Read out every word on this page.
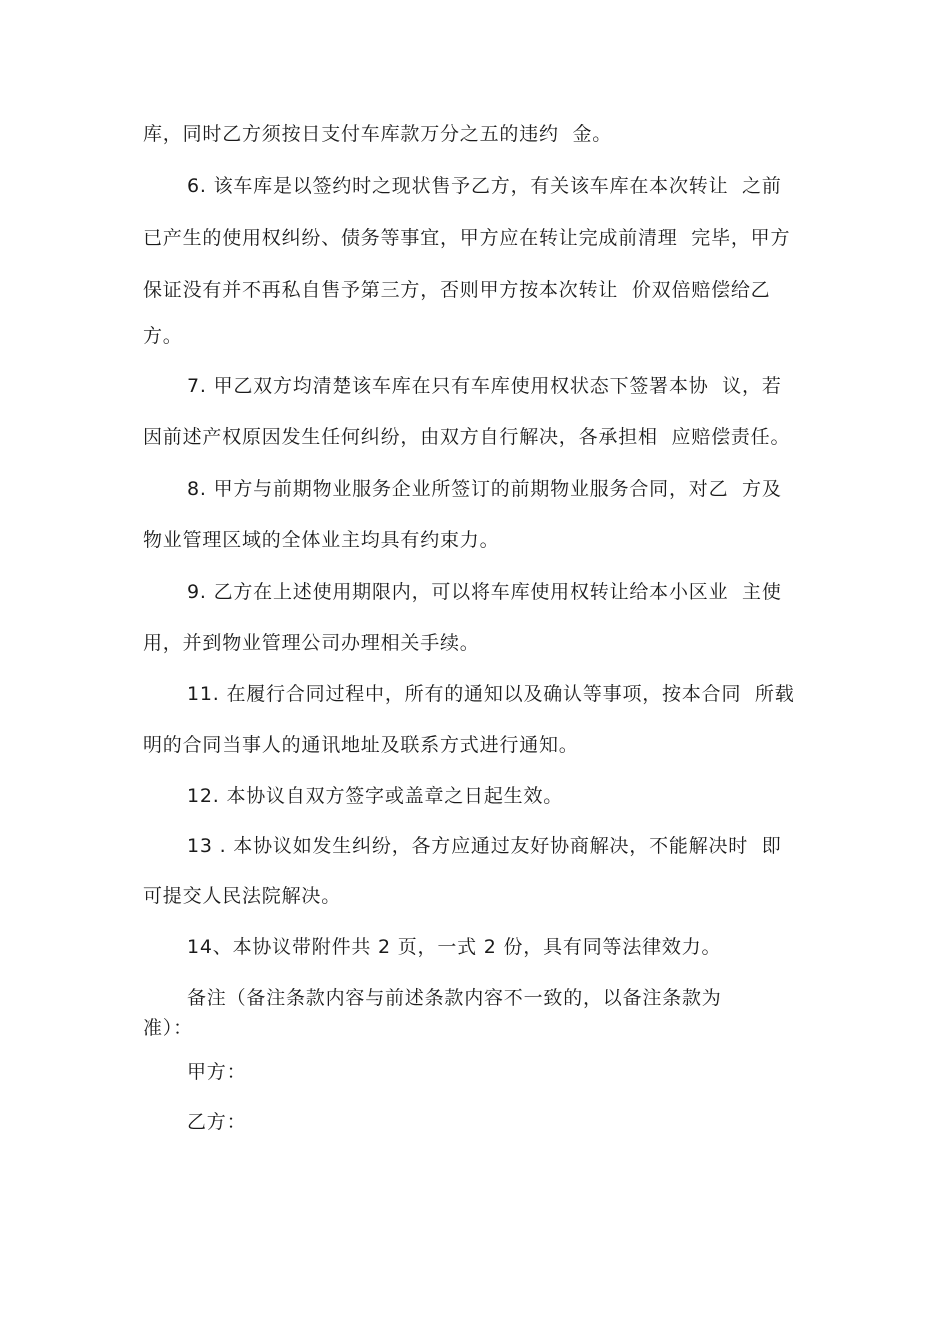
库，同时乙方须按日支付车库款万分之五的违约  金。
6. 该车库是以签约时之现状售予乙方，有关该车库在本次转让  之前
已产生的使用权纠纷、债务等事宜，甲方应在转让完成前清理  完毕，甲方
保证没有并不再私自售予第三方，否则甲方按本次转让  价双倍赔偿给乙
方。
7. 甲乙双方均清楚该车库在只有车库使用权状态下签署本协  议，若
因前述产权原因发生任何纠纷，由双方自行解决，各承担相  应赔偿责任。
8. 甲方与前期物业服务企业所签订的前期物业服务合同，对乙  方及
物业管理区域的全体业主均具有约束力。
9. 乙方在上述使用期限内，可以将车库使用权转让给本小区业  主使
用，并到物业管理公司办理相关手续。
11. 在履行合同过程中，所有的通知以及确认等事项，按本合同  所载
明的合同当事人的通讯地址及联系方式进行通知。
12. 本协议自双方签字或盖章之日起生效。
13 . 本协议如发生纠纷，各方应通过友好协商解决，不能解决时  即
可提交人民法院解决。
14、本协议带附件共 2 页，一式 2 份，具有同等法律效力。
备注（备注条款内容与前述条款内容不一致的，以备注条款为
准）：
甲方：
乙方：
